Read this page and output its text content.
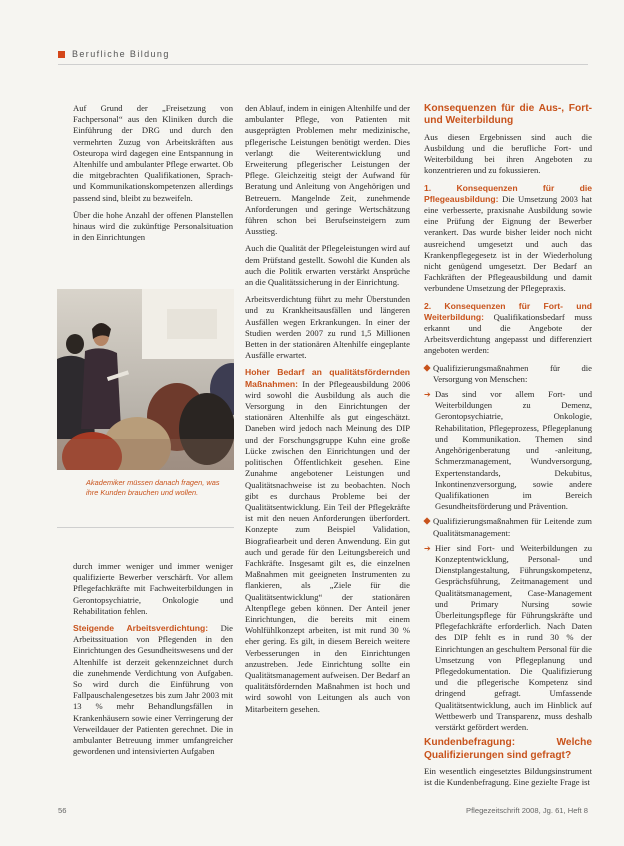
Berufliche Bildung

Auf Grund der „Freisetzung von Fachpersonal“ aus den Kliniken durch die Einführung der DRG und durch den vermehrten Zuzug von Arbeitskräften aus Osteuropa wird dagegen eine Entspannung in Altenhilfe und ambulanter Pflege erwartet. Ob die mitgebrachten Qualifikationen, Sprach- und Kommunikationskompetenzen allerdings passend sind, bleibt zu bezweifeln.

Über die hohe Anzahl der offenen Planstellen hinaus wird die zukünftige Personalsituation in den Einrichtungen

Akademiker müssen danach fragen, was ihre Kunden brauchen und wollen.

durch immer weniger und immer weniger qualifizierte Bewerber verschärft. Vor allem Pflegefachkräfte mit Fachweiterbildungen in Gerontopsychiatrie, Onkologie und Rehabilitation fehlen.

Steigende Arbeitsverdichtung: Die Arbeitssituation von Pflegenden in den Einrichtungen des Gesundheitswesens und der Altenhilfe ist derzeit gekennzeichnet durch die zunehmende Verdichtung von Aufgaben. So wird durch die Einführung von Fallpauschalengesetzes bis zum Jahr 2003 mit 13 % mehr Behandlungsfällen in Krankenhäusern sowie einer Verringerung der Verweildauer der Patienten gerechnet. Die in ambulanter Betreuung immer umfangreicher gewordenen und intensivierten Aufgaben

den Ablauf, indem in einigen Altenhilfe und der ambulanter Pflege, von Patienten mit ausgeprägten Problemen mehr medizinische, pflegerische Leistungen benötigt werden. Dies verlangt die Weiterentwicklung und Erweiterung pflegerischer Leistungen der Pflege. Gleichzeitig steigt der Aufwand für Beratung und Anleitung von Angehörigen und Betreuern. Mangelnde Zeit, zunehmende Anforderungen und geringe Wertschätzung führen schon bei Berufseinsteigern zum Ausstieg.

Auch die Qualität der Pflegeleistungen wird auf dem Prüfstand gestellt. Sowohl die Kunden als auch die Politik erwarten verstärkt Ansprüche an die Qualitätssicherung in der Einrichtung.

Arbeitsverdichtung führt zu mehr Überstunden und zu Krankheitsausfällen und längeren Ausfällen wegen Erkrankungen. In einer der Studien werden 2007 zu rund 1,5 Millionen Betten in der stationären Altenhilfe eingeplante Ausfälle erwartet.

Hoher Bedarf an qualitätsfördernden Maßnahmen: In der Pflegeausbildung 2006 wird sowohl die Ausbildung als auch die Versorgung in den Einrichtungen der stationären Altenhilfe als gut eingeschätzt. Daneben wird jedoch nach Meinung des DIP und der Forschungsgruppe Kuhn eine große Lücke zwischen den Einrichtungen und der politischen Öffentlichkeit gesehen. Eine Zunahme angebotener Leistungen und Qualitätsnachweise ist zu beobachten. Noch gibt es durchaus Probleme bei der Qualitätsentwicklung. Ein Teil der Pflegekräfte ist mit den neuen Anforderungen überfordert. Konzepte zum Beispiel Validation, Biografiearbeit und deren Anwendung. Ein gut auch und gerade für den Leitungsbereich und Fachkräfte. Insgesamt gilt es, die einzelnen Maßnahmen mit geeigneten Instrumenten zu flankieren, als „Ziele für die Qualitätsentwicklung“ der stationären Altenpflege geben können. Der Anteil jener Einrichtungen, die bereits mit einem Wohlfühlkonzept arbeiten, ist mit rund 30 % eher gering. Es gilt, in diesem Bereich weitere Verbesserungen in den Einrichtungen anzustreben. Jede Einrichtung sollte ein Qualitätsmanagement aufweisen. Der Bedarf an qualitätsfördernden Maßnahmen ist hoch und wird sowohl von Leitungen als auch von Mitarbeitern gesehen.

Konsequenzen für die Aus-, Fort- und Weiterbildung

Aus diesen Ergebnissen sind auch die Ausbildung und die berufliche Fort- und Weiterbildung bei ihren Angeboten zu konzentrieren und zu fokussieren.

1. Konsequenzen für die Pflegeausbildung: Die Umsetzung 2003 hat eine verbesserte, praxisnahe Ausbildung sowie eine Prüfung der Eignung der Bewerber verankert. Das wurde bisher leider noch nicht ausreichend umgesetzt und auch das Krankenpflegegesetz ist in der Wiederholung nicht genügend umgesetzt. Der Bedarf an Fachkräften der Pflegeausbildung und damit verbundene Umsetzung der Pflegepraxis.

2. Konsequenzen für Fort- und Weiterbildung: Qualifikationsbedarf muss erkannt und die Angebote der Arbeitsverdichtung angepasst und differenziert angeboten werden:

Qualifizierungsmaßnahmen für die Versorgung von Menschen:
➔ Das sind vor allem Fort- und Weiterbildungen zu Demenz, Gerontopsychiatrie, Onkologie, Rehabilitation, Pflegeprozess, Pflegeplanung und Kommunikation. Themen sind Angehörigenberatung und -anleitung, Schmerzmanagement, Wundversorgung, Expertenstandards, Dekubitus, Inkontinenzversorgung, sowie andere Qualifikationen im Bereich Gesundheitsförderung und Prävention.
Qualifizierungsmaßnahmen für Leitende zum Qualitätsmanagement:
➔ Hier sind Fort- und Weiterbildungen zu Konzeptentwicklung, Personal- und Dienstplangestaltung, Führungskompetenz, Gesprächsführung, Zeitmanagement und Qualitätsmanagement, Case-Management und Primary Nursing sowie Überleitungspflege für Führungskräfte und Pflegefachkräfte erforderlich. Nach Daten des DIP fehlt es in rund 30 % der Einrichtungen an geschultem Personal für die Umsetzung von Pflegeplanung und Pflegedokumentation. Die Qualifizierung und die pflegerische Kompetenz sind dringend gefragt. Umfassende Qualitätsentwicklung, auch im Hinblick auf Wettbewerb und Transparenz, muss deshalb verstärkt gefördert werden.
Kundenbefragung: Welche Qualifizierungen sind gefragt?

Ein wesentlich eingesetztes Bildungsinstrument ist die Kundenbefragung. Eine gezielte Frage ist

56	Pflegezeitschrift 2008, Jg. 61, Heft 8
